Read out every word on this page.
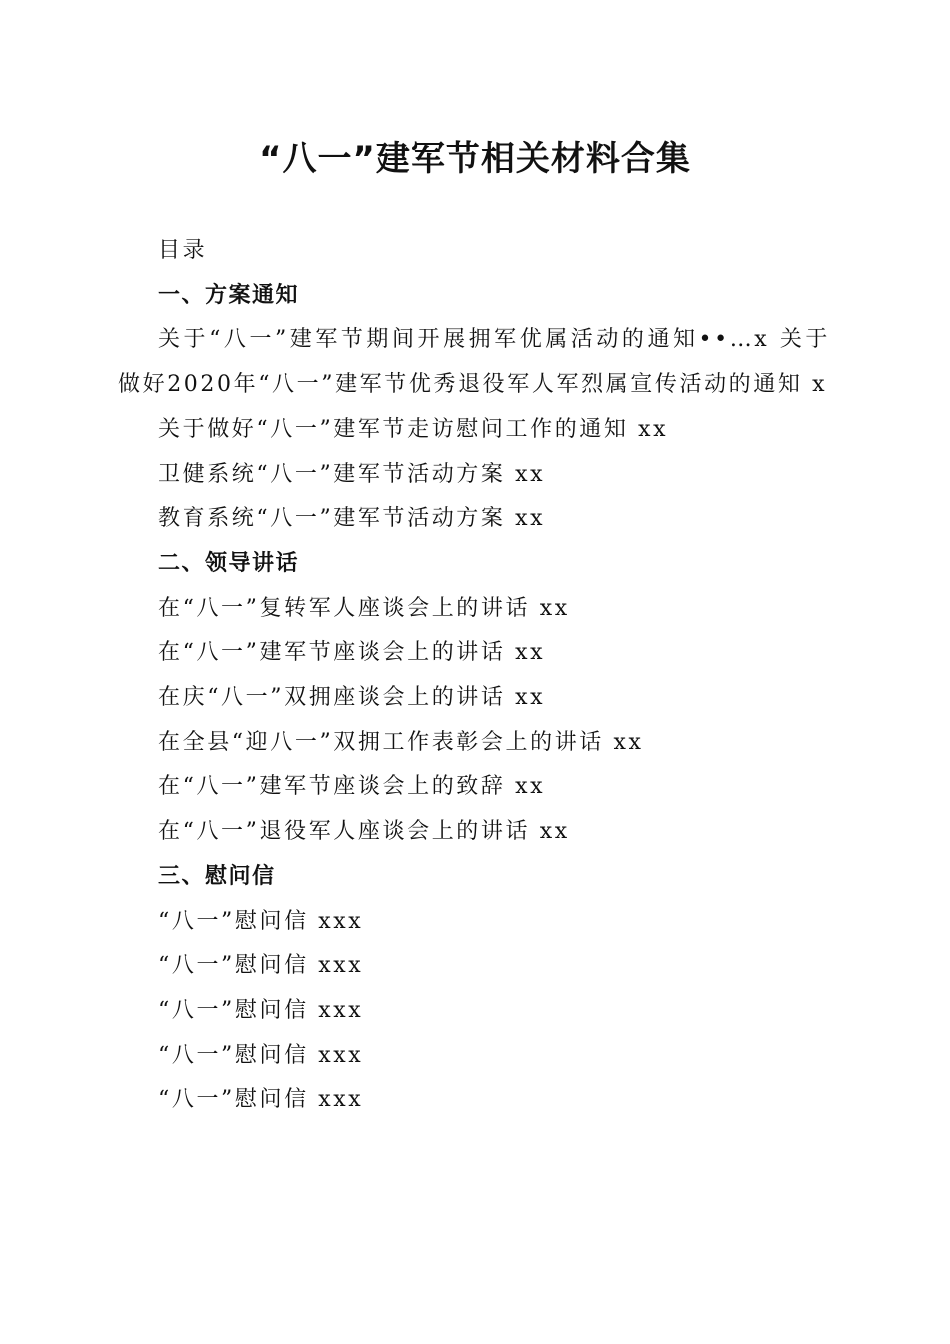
“八一”建军节相关材料合集

目录

一、方案通知

关于“八一”建军节期间开展拥军优属活动的通知••…x 关于做好2020年“八一”建军节优秀退役军人军烈属宣传活动的通知 x

关于做好“八一”建军节走访慰问工作的通知 xx

卫健系统“八一”建军节活动方案 xx

教育系统“八一”建军节活动方案 xx

二、领导讲话

在“八一”复转军人座谈会上的讲话 xx

在“八一”建军节座谈会上的讲话 xx

在庆“八一”双拥座谈会上的讲话 xx

在全县“迎八一”双拥工作表彰会上的讲话 xx

在“八一”建军节座谈会上的致辞 xx

在“八一”退役军人座谈会上的讲话 xx

三、慰问信

“八一”慰问信 xxx

“八一”慰问信 xxx

“八一”慰问信 xxx

“八一”慰问信 xxx

“八一”慰问信 xxx
